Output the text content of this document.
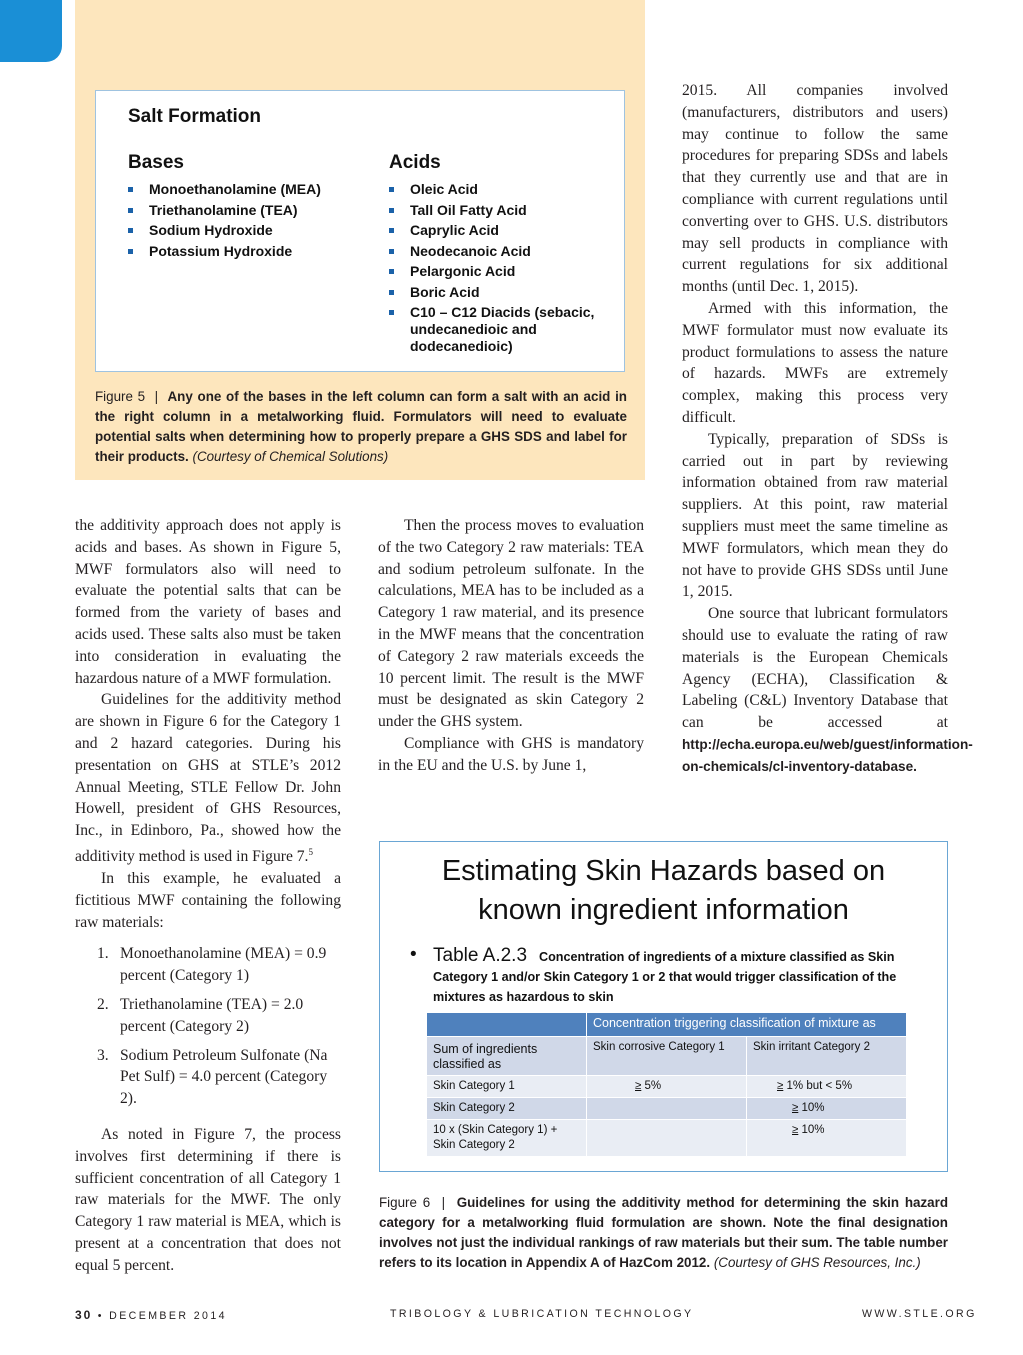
Salt Formation
Bases
Monoethanolamine (MEA)
Triethanolamine (TEA)
Sodium Hydroxide
Potassium Hydroxide
Acids
Oleic Acid
Tall Oil Fatty Acid
Caprylic Acid
Neodecanoic Acid
Pelargonic Acid
Boric Acid
C10 – C12 Diacids (sebacic, undecanedioic and dodecanedioic)
Figure 5  |  Any one of the bases in the left column can form a salt with an acid in the right column in a metalworking fluid. Formulators will need to evaluate potential salts when determining how to properly prepare a GHS SDS and label for their products. (Courtesy of Chemical Solutions)

the additivity approach does not apply is acids and bases. As shown in Figure 5, MWF formulators also will need to evaluate the potential salts that can be formed from the variety of bases and acids used. These salts also must be taken into consideration in evaluating the hazardous nature of a MWF formulation.

Guidelines for the additivity method are shown in Figure 6 for the Category 1 and 2 hazard categories. During his presentation on GHS at STLE’s 2012 Annual Meeting, STLE Fellow Dr. John Howell, president of GHS Resources, Inc., in Edinboro, Pa., showed how the additivity method is used in Figure 7.$^5$

In this example, he evaluated a fictitious MWF containing the following raw materials:

1. Monoethanolamine (MEA) = 0.9 percent (Category 1)
2. Triethanolamine (TEA) = 2.0 percent (Category 2)
3. Sodium Petroleum Sulfonate (Na Pet Sulf) = 4.0 percent (Category 2).

As noted in Figure 7, the process involves first determining if there is sufficient concentration of all Category 1 raw materials for the MWF. The only Category 1 raw material is MEA, which is present at a concentration that does not equal 5 percent.

Then the process moves to evaluation of the two Category 2 raw materials: TEA and sodium petroleum sulfonate. In the calculations, MEA has to be included as a Category 1 raw material, and its presence in the MWF means that the concentration of Category 2 raw materials exceeds the 10 percent limit. The result is the MWF must be designated as skin Category 2 under the GHS system.

Compliance with GHS is mandatory in the EU and the U.S. by June 1,

2015. All companies involved (manufacturers, distributors and users) may continue to follow the same procedures for preparing SDSs and labels that they currently use and that are in compliance with current regulations until converting over to GHS. U.S. distributors may sell products in compliance with current regulations for six additional months (until Dec. 1, 2015).

Armed with this information, the MWF formulator must now evaluate its product formulations to assess the nature of hazards. MWFs are extremely complex, making this process very difficult.

Typically, preparation of SDSs is carried out in part by reviewing information obtained from raw material suppliers. At this point, raw material suppliers must meet the same timeline as MWF formulators, which mean they do not have to provide GHS SDSs until June 1, 2015.

One source that lubricant formulators should use to evaluate the rating of raw materials is the European Chemicals Agency (ECHA), Classification & Labeling (C&L) Inventory Database that can be accessed at http://echa.europa.eu/web/guest/information-on-chemicals/cl-inventory-database.

Estimating Skin Hazards based on
known ingredient information
• Table A.2.3 Concentration of ingredients of a mixture classified as Skin Category 1 and/or Skin Category 1 or 2 that would trigger classification of the mixtures as hazardous to skin
	Concentration triggering classification of mixture as	
Sum of ingredients classified as	Skin corrosive Category 1	Skin irritant Category 2
Skin Category 1	≥ 5%	≥ 1% but < 5%
Skin Category 2		≥ 10%
10 x (Skin Category 1) + Skin Category 2		≥ 10%
Figure 6  |  Guidelines for using the additivity method for determining the skin hazard category for a metalworking fluid formulation are shown. Note the final designation involves not just the individual rankings of raw materials but their sum. The table number refers to its location in Appendix A of HazCom 2012. (Courtesy of GHS Resources, Inc.)
30 • DECEMBER 2014	TRIBOLOGY & LUBRICATION TECHNOLOGY	WWW.STLE.ORG
